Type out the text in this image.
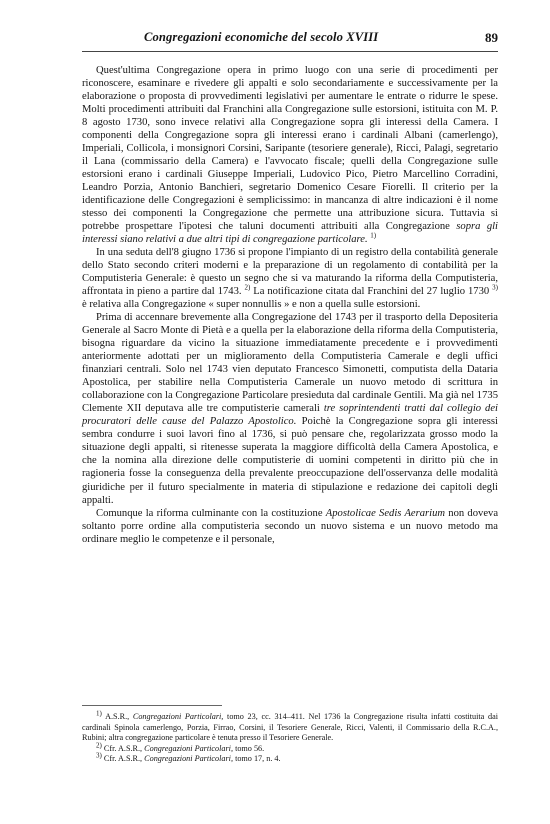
Congregazioni economiche del secolo XVIII	89

Quest'ultima Congregazione opera in primo luogo con una serie di procedimenti per riconoscere, esaminare e rivedere gli appalti e solo secondariamente e successivamente per la elaborazione o proposta di provvedimenti legislativi per aumentare le entrate o ridurre le spese. Molti procedimenti attribuiti dal Franchini alla Congregazione sulle estorsioni, istituita con M. P. 8 agosto 1730, sono invece relativi alla Congregazione sopra gli interessi della Camera. I componenti della Congregazione sopra gli interessi erano i cardinali Albani (camerlengo), Imperiali, Collicola, i monsignori Corsini, Saripante (tesoriere generale), Ricci, Palagi, segretario il Lana (commissario della Camera) e l'avvocato fiscale; quelli della Congregazione sulle estorsioni erano i cardinali Giuseppe Imperiali, Ludovico Pico, Pietro Marcellino Corradini, Leandro Porzia, Antonio Banchieri, segretario Domenico Cesare Fiorelli. Il criterio per la identificazione delle Congregazioni è semplicissimo: in mancanza di altre indicazioni è il nome stesso dei componenti la Congregazione che permette una attribuzione sicura. Tuttavia si potrebbe prospettare l'ipotesi che taluni documenti attribuiti alla Congregazione sopra gli interessi siano relativi a due altri tipi di congregazione particolare. $^{1)}$

In una seduta dell'8 giugno 1736 si propone l'impianto di un registro della contabilità generale dello Stato secondo criteri moderni e la preparazione di un regolamento di contabilità per la Computisteria Generale: è questo un segno che si va maturando la riforma della Computisteria, affrontata in pieno a partire dal 1743. $^{2)}$ La notificazione citata dal Franchini del 27 luglio 1730 $^{3)}$ è relativa alla Congregazione « super nonnullis » e non a quella sulle estorsioni.

Prima di accennare brevemente alla Congregazione del 1743 per il trasporto della Depositeria Generale al Sacro Monte di Pietà e a quella per la elaborazione della riforma della Computisteria, bisogna riguardare da vicino la situazione immediatamente precedente e i provvedimenti anteriormente adottati per un miglioramento della Computisteria Camerale e degli uffici finanziari centrali. Solo nel 1743 vien deputato Francesco Simonetti, computista della Dataria Apostolica, per stabilire nella Computisteria Camerale un nuovo metodo di scrittura in collaborazione con la Congregazione Particolare presieduta dal cardinale Gentili. Ma già nel 1735 Clemente XII deputava alle tre computisterie camerali tre soprintendenti tratti dal collegio dei procuratori delle cause del Palazzo Apostolico. Poichè la Congregazione sopra gli interessi sembra condurre i suoi lavori fino al 1736, si può pensare che, regolarizzata grosso modo la situazione degli appalti, si ritenesse superata la maggiore difficoltà della Camera Apostolica, e che la nomina alla direzione delle computisterie di uomini competenti in diritto più che in ragioneria fosse la conseguenza della prevalente preoccupazione dell'osservanza delle modalità giuridiche per il futuro specialmente in materia di stipulazione e redazione dei capitoli degli appalti.

Comunque la riforma culminante con la costituzione Apostolicae Sedis Aerarium non doveva soltanto porre ordine alla computisteria secondo un nuovo sistema e un nuovo metodo ma ordinare meglio le competenze e il personale,

$^{1)}$ A.S.R., Congregazioni Particolari, tomo 23, cc. 314–411. Nel 1736 la Congregazione risulta infatti costituita dai cardinali Spinola camerlengo, Porzia, Firrao, Corsini, il Tesoriere Generale, Ricci, Valenti, il Commissario della R.C.A., Rubini; altra congregazione particolare è tenuta presso il Tesoriere Generale.

$^{2)}$ Cfr. A.S.R., Congregazioni Particolari, tomo 56.

$^{3)}$ Cfr. A.S.R., Congregazioni Particolari, tomo 17, n. 4.
